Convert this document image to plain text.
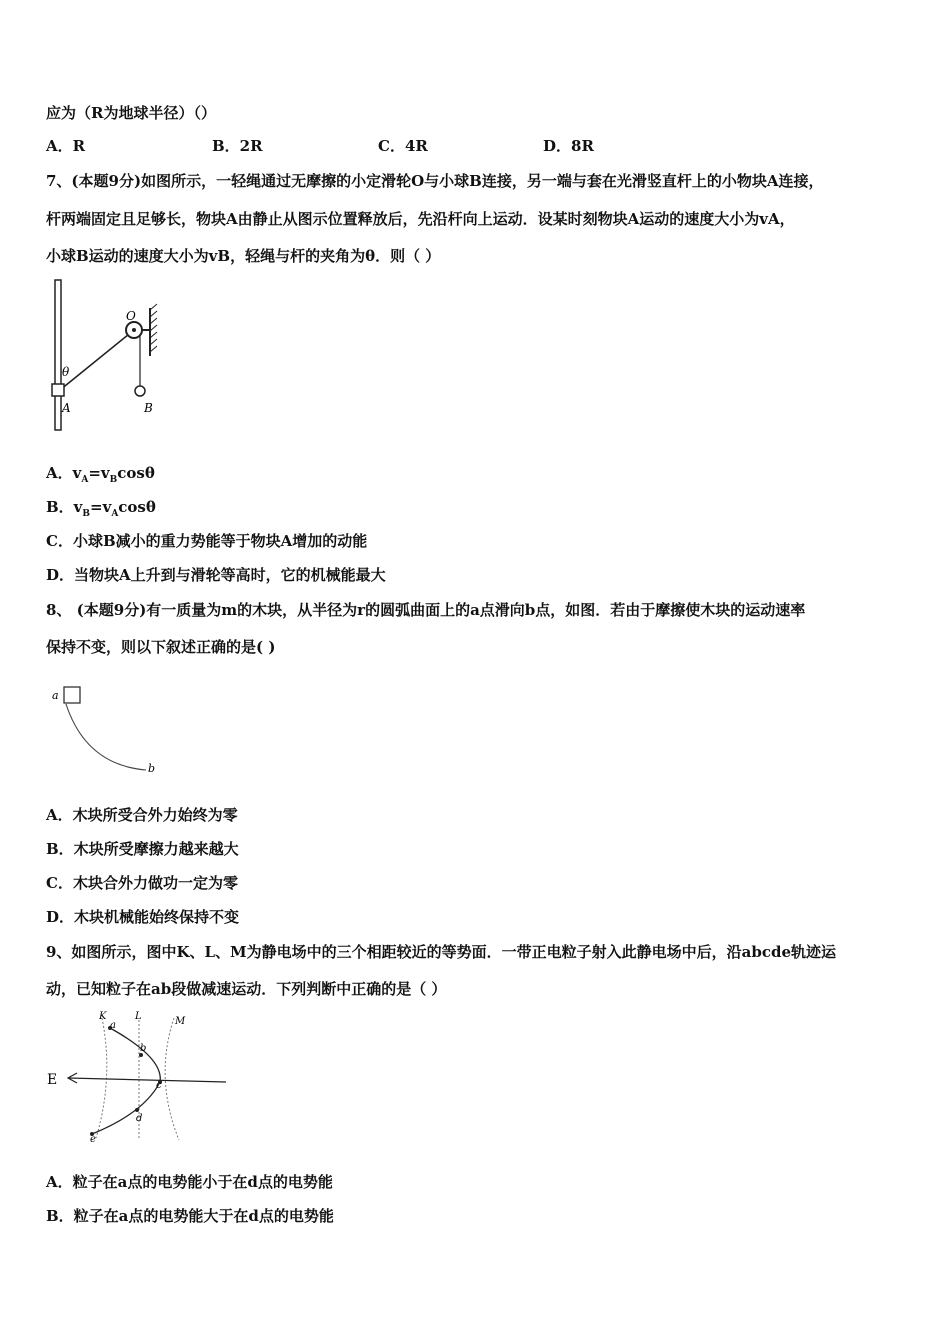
应为（R为地球半径）（）
A．R	B．2R	C．4R	D．8R
7、(本题9分)如图所示，一轻绳通过无摩擦的小定滑轮O与小球B连接，另一端与套在光滑竖直杆上的小物块A连接，
杆两端固定且足够长，物块A由静止从图示位置释放后，先沿杆向上运动．设某时刻物块A运动的速度大小为vA，
小球B运动的速度大小为vB，轻绳与杆的夹角为θ．则（ ）
θ
O
A	B
A．$v_A=v_B\cos\theta$
B．$v_B=v_A\cos\theta$
C．小球B减小的重力势能等于物块A增加的动能
D．当物块A上升到与滑轮等高时，它的机械能最大
8、 (本题9分)有一质量为m的木块，从半径为r的圆弧曲面上的a点滑向b点，如图．若由于摩擦使木块的运动速率
保持不变，则以下叙述正确的是( )
a
b
A．木块所受合外力始终为零
B．木块所受摩擦力越来越大
C．木块合外力做功一定为零
D．木块机械能始终保持不变
9、如图所示，图中K、L、M为静电场中的三个相距较近的等势面．一带正电粒子射入此静电场中后，沿abcde轨迹运
动，已知粒子在ab段做减速运动．下列判断中正确的是（ ）
K	L	M
E
a
b
c
d
e
A．粒子在a点的电势能小于在d点的电势能
B．粒子在a点的电势能大于在d点的电势能
